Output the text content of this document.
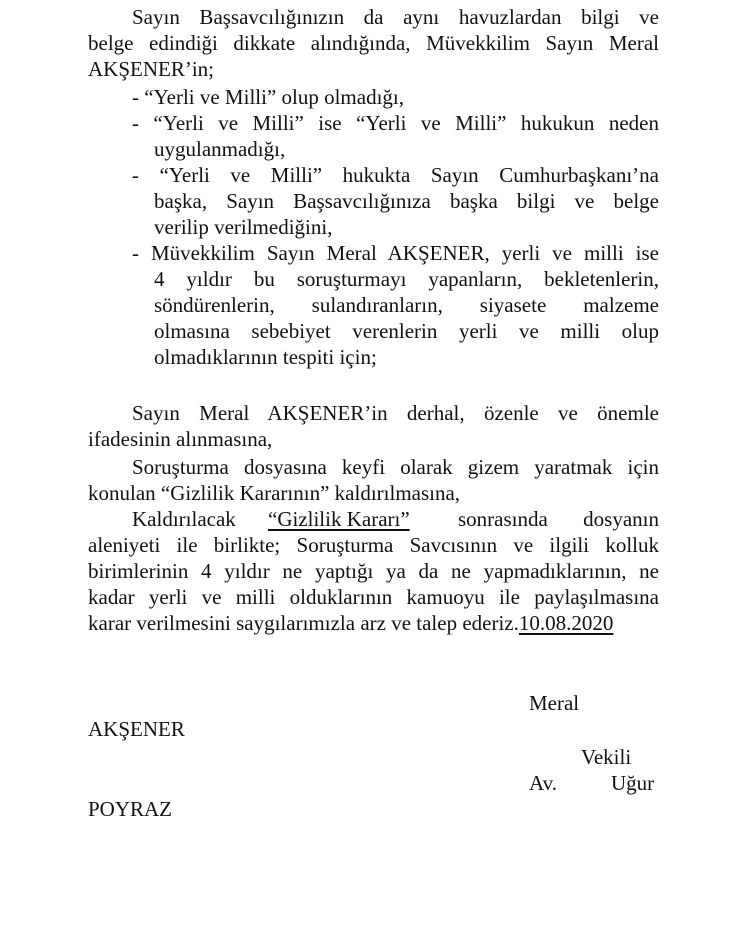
Sayın Başsavcılığınızın da aynı havuzlardan bilgi ve
belge edindiği dikkate alındığında, Müvekkilim Sayın Meral
AKŞENER’in;
- “Yerli ve Milli” olup olmadığı,
- “Yerli ve Milli” ise “Yerli ve Milli” hukukun neden
uygulanmadığı,
- “Yerli ve Milli” hukukta Sayın Cumhurbaşkanı’na
başka, Sayın Başsavcılığınıza başka bilgi ve belge
verilip verilmediğini,
- Müvekkilim Sayın Meral AKŞENER, yerli ve milli ise
4 yıldır bu soruşturmayı yapanların, bekletenlerin,
söndürenlerin, sulandıranların, siyasete malzeme
olmasına sebebiyet verenlerin yerli ve milli olup
olmadıklarının tespiti için;
Sayın Meral AKŞENER’in derhal, özenle ve önemle
ifadesinin alınmasına,
Soruşturma dosyasına keyfi olarak gizem yaratmak için
konulan “Gizlilik Kararının” kaldırılmasına,
Kaldırılacak “Gizlilik Kararı” sonrasında dosyanın
aleniyeti ile birlikte; Soruşturma Savcısının ve ilgili kolluk
birimlerinin 4 yıldır ne yaptığı ya da ne yapmadıklarının, ne
kadar yerli ve milli olduklarının kamuoyu ile paylaşılmasına
karar verilmesini saygılarımızla arz ve talep ederiz.10.08.2020
Meral
AKŞENER
Vekili
Av.	Uğur
POYRAZ
